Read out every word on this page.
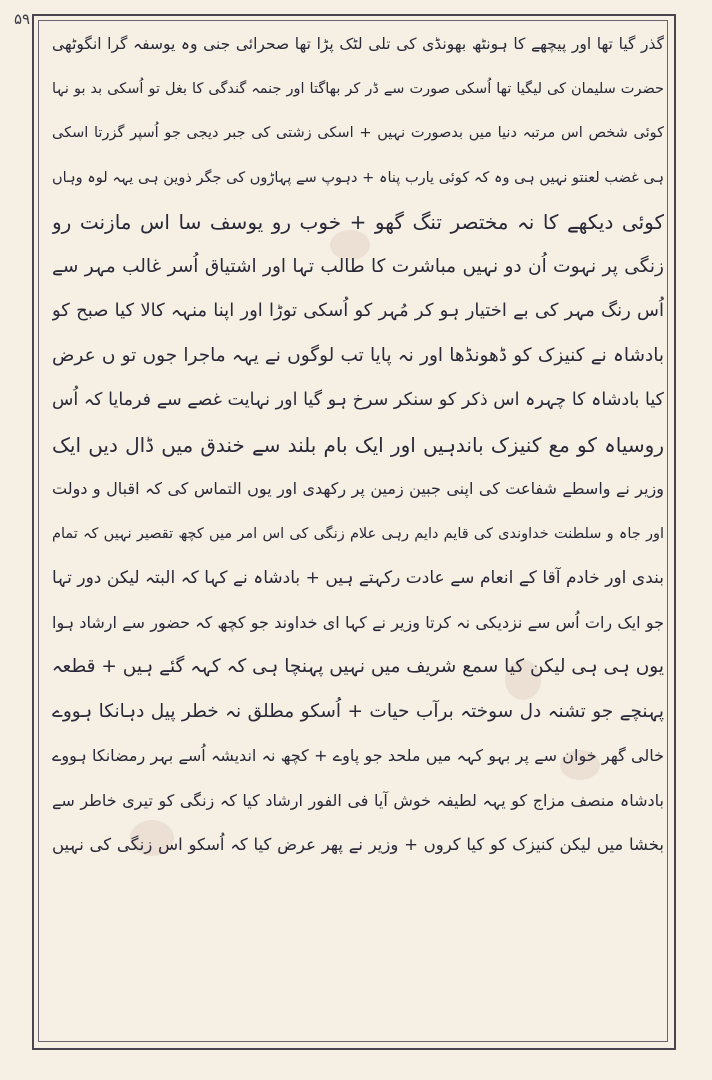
۵۹
گذر گیا تھا اور پیچھے کا ہونٹھ بھونڈی کی تلی لٹک پڑا تھا صحرائی جنی وہ یوسفہ گرا انگوٹھی
حضرت سلیمان کی لیگیا تھا اُسکی صورت سے ڈر کر بھاگتا اور جنمہ گندگی کا بغل تو اُسکی بد بو نہا
کوئی شخص اس مرتبہ دنیا میں بدصورت نہیں + اسکی زشتی کی جبر دیجی جو اُسپر گزرتا اسکی
ہی غضب لعنتو نہیں ہی وہ کہ کوئی یارب پناہ + دہوپ سے پہاڑوں کی جگر ذوین ہی یہہ لوہ وہاں
کوئی دیکھے کا نہ مختصر تنگ گھو + خوب رو یوسف سا اس مازنت رو
زنگی پر نہوت اُن دو نہیں مباشرت کا طالب تہا اور اشتیاق اُسر غالب مہر سے
اُس رنگ مہر کی بے اختیار ہو کر مُہر کو اُسکی توڑا اور اپنا منہہ کالا کیا صبح کو
بادشاہ نے کنیزک کو ڈھونڈھا اور نہ پایا تب لوگوں نے یہہ ماجرا جوں تو ں عرض
کیا بادشاہ کا چہرہ اس ذکر کو سنکر سرخ ہو گیا اور نہایت غصے سے فرمایا کہ اُس
روسیاہ کو مع کنیزک باندہیں اور ایک بام بلند سے خندق میں ڈال دیں ایک
وزیر نے واسطے شفاعت کی اپنی جبین زمین پر رکھدی اور یوں التماس کی کہ اقبال و دولت
اور جاہ و سلطنت خداوندی کی قایم دایم رہی علام زنگی کی اس امر میں کچھ تقصیر نہیں کہ تمام
بندی اور خادم آقا کے انعام سے عادت رکہتے ہیں + بادشاہ نے کہا کہ البتہ لیکن دور تہا
جو ایک رات اُس سے نزدیکی نہ کرتا وزیر نے کہا ای خداوند جو کچھ کہ حضور سے ارشاد ہوا
یوں ہی ہی لیکن کیا سمع شریف میں نہیں پہنچا ہی کہ کہہ گئے ہیں + قطعہ
پہنچے جو تشنہ دل سوختہ برآب حیات + اُسکو مطلق نہ خطر پیل دہانکا ہووے
خالی گھر خوان سے پر بہو کہہ میں ملحد جو پاوے + کچھ نہ اندیشہ اُسے بہر رمضانکا ہووے
بادشاہ منصف مزاج کو یہہ لطیفہ خوش آیا فی الفور ارشاد کیا کہ زنگی کو تیری خاطر سے
بخشا میں لیکن کنیزک کو کیا کروں + وزیر نے پھر عرض کیا کہ اُسکو اس زنگی کی نہیں
